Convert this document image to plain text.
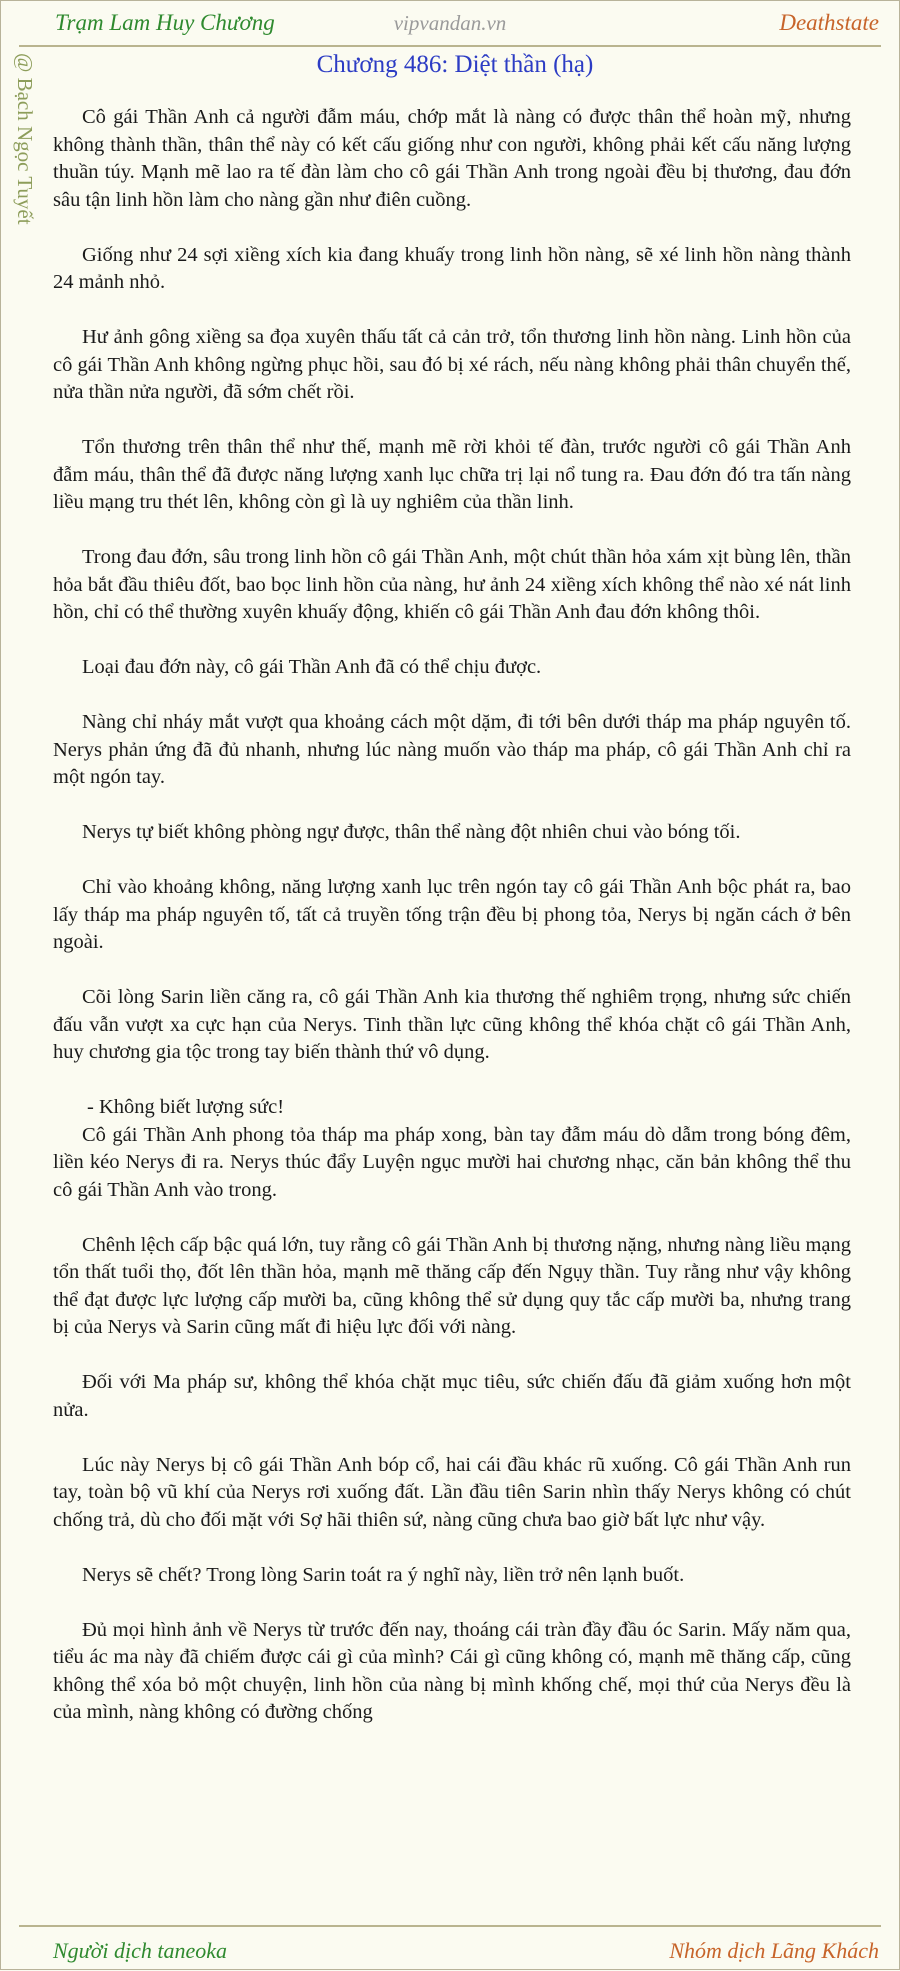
Trạm Lam Huy Chương	vipvandan.vn	Deathstate
@ Bạch Ngọc Tuyết	Chương 486: Diệt thần (hạ)

Cô gái Thần Anh cả người đẫm máu, chớp mắt là nàng có được thân thể hoàn mỹ, nhưng không thành thần, thân thể này có kết cấu giống như con người, không phải kết cấu năng lượng thuần túy. Mạnh mẽ lao ra tế đàn làm cho cô gái Thần Anh trong ngoài đều bị thương, đau đớn sâu tận linh hồn làm cho nàng gần như điên cuồng.

Giống như 24 sợi xiềng xích kia đang khuấy trong linh hồn nàng, sẽ xé linh hồn nàng thành 24 mảnh nhỏ.

Hư ảnh gông xiềng sa đọa xuyên thấu tất cả cản trở, tổn thương linh hồn nàng. Linh hồn của cô gái Thần Anh không ngừng phục hồi, sau đó bị xé rách, nếu nàng không phải thân chuyển thế, nửa thần nửa người, đã sớm chết rồi.

Tổn thương trên thân thể như thế, mạnh mẽ rời khỏi tế đàn, trước người cô gái Thần Anh đẫm máu, thân thể đã được năng lượng xanh lục chữa trị lại nổ tung ra. Đau đớn đó tra tấn nàng liều mạng tru thét lên, không còn gì là uy nghiêm của thần linh.

Trong đau đớn, sâu trong linh hồn cô gái Thần Anh, một chút thần hỏa xám xịt bùng lên, thần hỏa bắt đầu thiêu đốt, bao bọc linh hồn của nàng, hư ảnh 24 xiềng xích không thể nào xé nát linh hồn, chỉ có thể thường xuyên khuấy động, khiến cô gái Thần Anh đau đớn không thôi.

Loại đau đớn này, cô gái Thần Anh đã có thể chịu được.

Nàng chỉ nháy mắt vượt qua khoảng cách một dặm, đi tới bên dưới tháp ma pháp nguyên tố. Nerys phản ứng đã đủ nhanh, nhưng lúc nàng muốn vào tháp ma pháp, cô gái Thần Anh chỉ ra một ngón tay.

Nerys tự biết không phòng ngự được, thân thể nàng đột nhiên chui vào bóng tối.

Chỉ vào khoảng không, năng lượng xanh lục trên ngón tay cô gái Thần Anh bộc phát ra, bao lấy tháp ma pháp nguyên tố, tất cả truyền tống trận đều bị phong tỏa, Nerys bị ngăn cách ở bên ngoài.

Cõi lòng Sarin liền căng ra, cô gái Thần Anh kia thương thế nghiêm trọng, nhưng sức chiến đấu vẫn vượt xa cực hạn của Nerys. Tinh thần lực cũng không thể khóa chặt cô gái Thần Anh, huy chương gia tộc trong tay biến thành thứ vô dụng.

- Không biết lượng sức!

Cô gái Thần Anh phong tỏa tháp ma pháp xong, bàn tay đẫm máu dò dẫm trong bóng đêm, liền kéo Nerys đi ra. Nerys thúc đẩy Luyện ngục mười hai chương nhạc, căn bản không thể thu cô gái Thần Anh vào trong.

Chênh lệch cấp bậc quá lớn, tuy rằng cô gái Thần Anh bị thương nặng, nhưng nàng liều mạng tổn thất tuổi thọ, đốt lên thần hỏa, mạnh mẽ thăng cấp đến Ngụy thần. Tuy rằng như vậy không thể đạt được lực lượng cấp mười ba, cũng không thể sử dụng quy tắc cấp mười ba, nhưng trang bị của Nerys và Sarin cũng mất đi hiệu lực đối với nàng.

Đối với Ma pháp sư, không thể khóa chặt mục tiêu, sức chiến đấu đã giảm xuống hơn một nửa.

Lúc này Nerys bị cô gái Thần Anh bóp cổ, hai cái đầu khác rũ xuống. Cô gái Thần Anh run tay, toàn bộ vũ khí của Nerys rơi xuống đất. Lần đầu tiên Sarin nhìn thấy Nerys không có chút chống trả, dù cho đối mặt với Sợ hãi thiên sứ, nàng cũng chưa bao giờ bất lực như vậy.

Nerys sẽ chết? Trong lòng Sarin toát ra ý nghĩ này, liền trở nên lạnh buốt.

Đủ mọi hình ảnh về Nerys từ trước đến nay, thoáng cái tràn đầy đầu óc Sarin. Mấy năm qua, tiểu ác ma này đã chiếm được cái gì của mình? Cái gì cũng không có, mạnh mẽ thăng cấp, cũng không thể xóa bỏ một chuyện, linh hồn của nàng bị mình khống chế, mọi thứ của Nerys đều là của mình, nàng không có đường chống

Người dịch taneoka	Nhóm dịch Lãng Khách
